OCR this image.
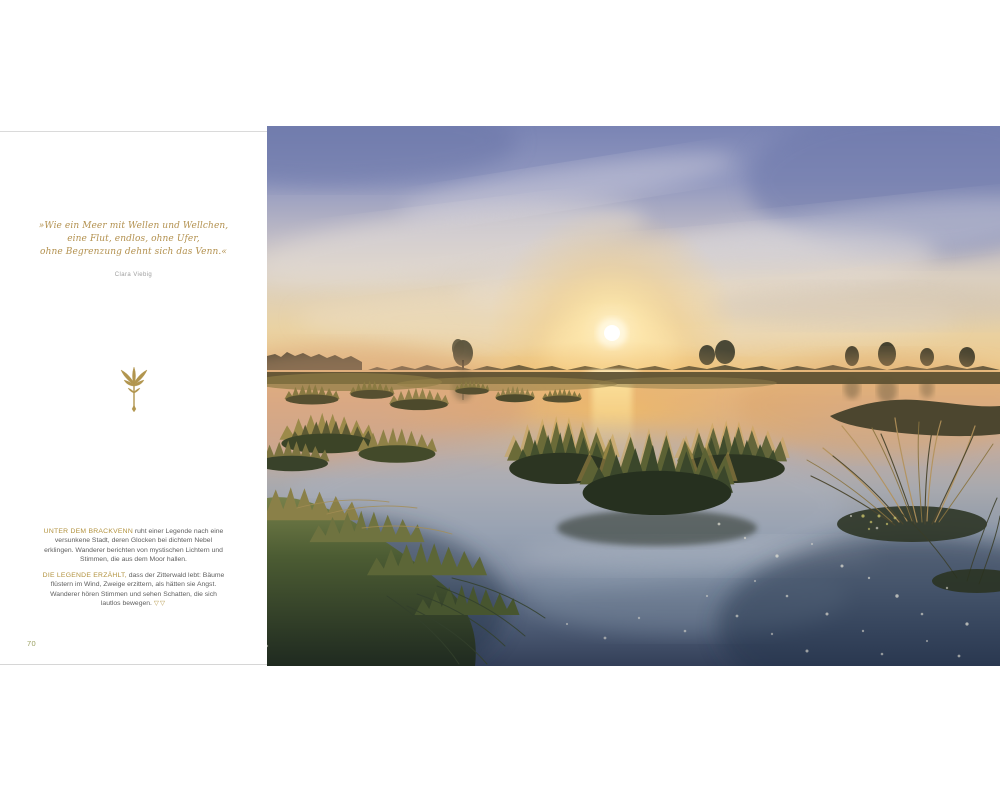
»Wie ein Meer mit Wellen und Wellchen,
eine Flut, endlos, ohne Ufer,
ohne Begrenzung dehnt sich das Venn.«
Clara Viebig

UNTER DEM BRACKVENN ruht einer Legende nach eine versunkene Stadt, deren Glocken bei dichtem Nebel erklingen. Wanderer berichten von mystischen Lichtern und Stimmen, die aus dem Moor hallen.

DIE LEGENDE ERZÄHLT, dass der Zitterwald lebt: Bäume flüstern im Wind, Zweige erzittern, als hätten sie Angst. Wanderer hören Stimmen und sehen Schatten, die sich lautlos bewegen. ▽▽

70
